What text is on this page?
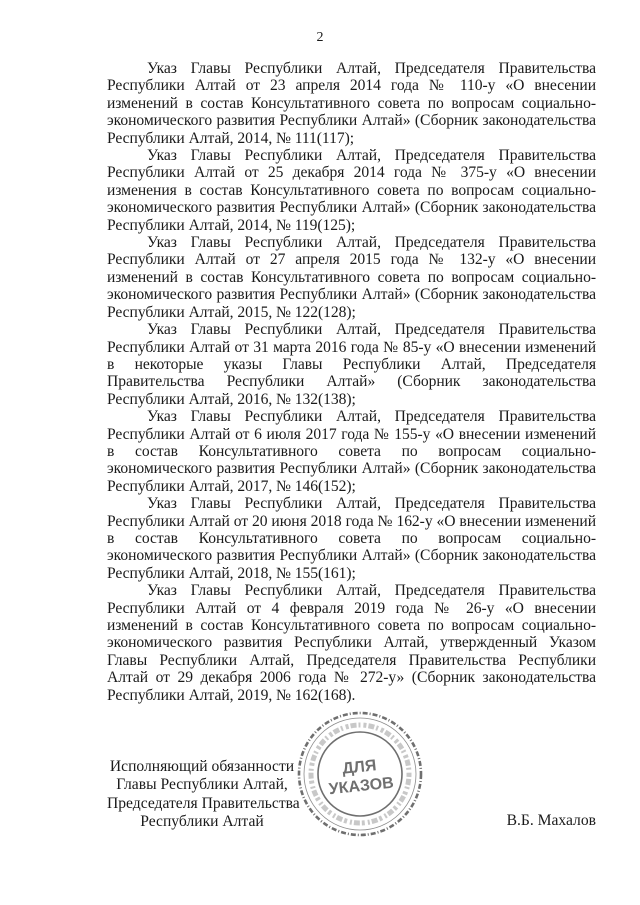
2

Указ Главы Республики Алтай, Председателя Правительства Республики Алтай от 23 апреля 2014 года № 110-у «О внесении изменений в состав Консультативного совета по вопросам социально-экономического развития Республики Алтай» (Сборник законодательства Республики Алтай, 2014, № 111(117);

Указ Главы Республики Алтай, Председателя Правительства Республики Алтай от 25 декабря 2014 года № 375-у «О внесении изменения в состав Консультативного совета по вопросам социально-экономического развития Республики Алтай» (Сборник законодательства Республики Алтай, 2014, № 119(125);

Указ Главы Республики Алтай, Председателя Правительства Республики Алтай от 27 апреля 2015 года № 132-у «О внесении изменений в состав Консультативного совета по вопросам социально-экономического развития Республики Алтай» (Сборник законодательства Республики Алтай, 2015, № 122(128);

Указ Главы Республики Алтай, Председателя Правительства Республики Алтай от 31 марта 2016 года № 85-у «О внесении изменений в некоторые указы Главы Республики Алтай, Председателя Правительства Республики Алтай» (Сборник законодательства Республики Алтай, 2016, № 132(138);

Указ Главы Республики Алтай, Председателя Правительства Республики Алтай от 6 июля 2017 года № 155-у «О внесении изменений в состав Консультативного совета по вопросам социально-экономического развития Республики Алтай» (Сборник законодательства Республики Алтай, 2017, № 146(152);

Указ Главы Республики Алтай, Председателя Правительства Республики Алтай от 20 июня 2018 года № 162-у «О внесении изменений в состав Консультативного совета по вопросам социально-экономического развития Республики Алтай» (Сборник законодательства Республики Алтай, 2018, № 155(161);

Указ Главы Республики Алтай, Председателя Правительства Республики Алтай от 4 февраля 2019 года № 26-у «О внесении изменений в состав Консультативного совета по вопросам социально-экономического развития Республики Алтай, утвержденный Указом Главы Республики Алтай, Председателя Правительства Республики Алтай от 29 декабря 2006 года № 272-у» (Сборник законодательства Республики Алтай, 2019, № 162(168).

Исполняющий обязанности
Главы Республики Алтай,
Председателя Правительства
Республики Алтай	В.Б. Махалов
ДЛЯ
УКАЗОВ
